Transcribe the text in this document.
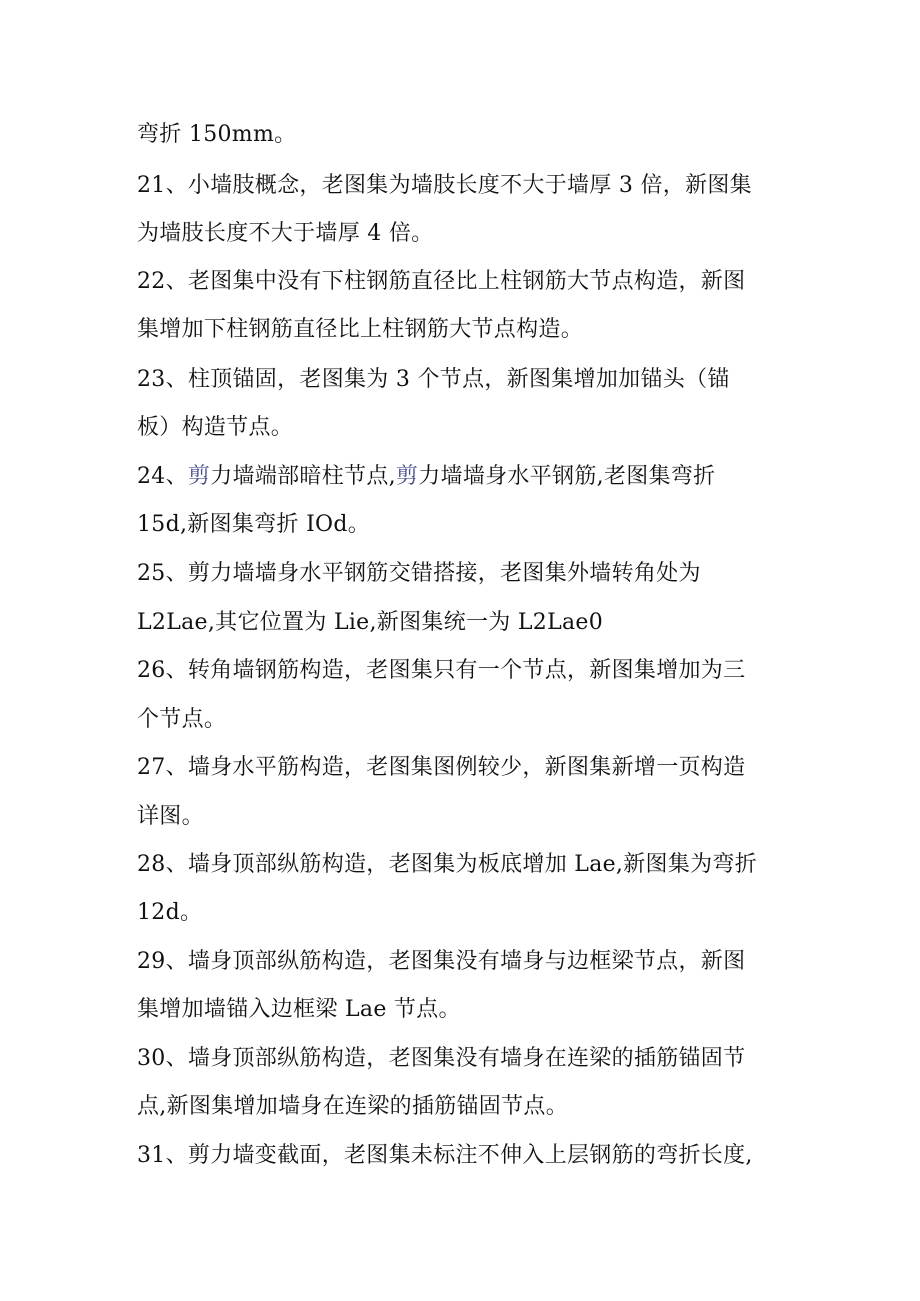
弯折 150mm。
21、小墙肢概念，老图集为墙肢长度不大于墙厚 3 倍，新图集
为墙肢长度不大于墙厚 4 倍。
22、老图集中没有下柱钢筋直径比上柱钢筋大节点构造，新图
集增加下柱钢筋直径比上柱钢筋大节点构造。
23、柱顶锚固，老图集为 3 个节点，新图集增加加锚头（锚
板）构造节点。
24、剪力墙端部暗柱节点,剪力墙墙身水平钢筋,老图集弯折
15d,新图集弯折 IOd。
25、剪力墙墙身水平钢筋交错搭接，老图集外墙转角处为
L2Lae,其它位置为 Lie,新图集统一为 L2Lae0
26、转角墙钢筋构造，老图集只有一个节点，新图集增加为三
个节点。
27、墙身水平筋构造，老图集图例较少，新图集新增一页构造
详图。
28、墙身顶部纵筋构造，老图集为板底增加 Lae,新图集为弯折
12d。
29、墙身顶部纵筋构造，老图集没有墙身与边框梁节点，新图
集增加墙锚入边框梁 Lae 节点。
30、墙身顶部纵筋构造，老图集没有墙身在连梁的插筋锚固节
点,新图集增加墙身在连梁的插筋锚固节点。
31、剪力墙变截面，老图集未标注不伸入上层钢筋的弯折长度,
